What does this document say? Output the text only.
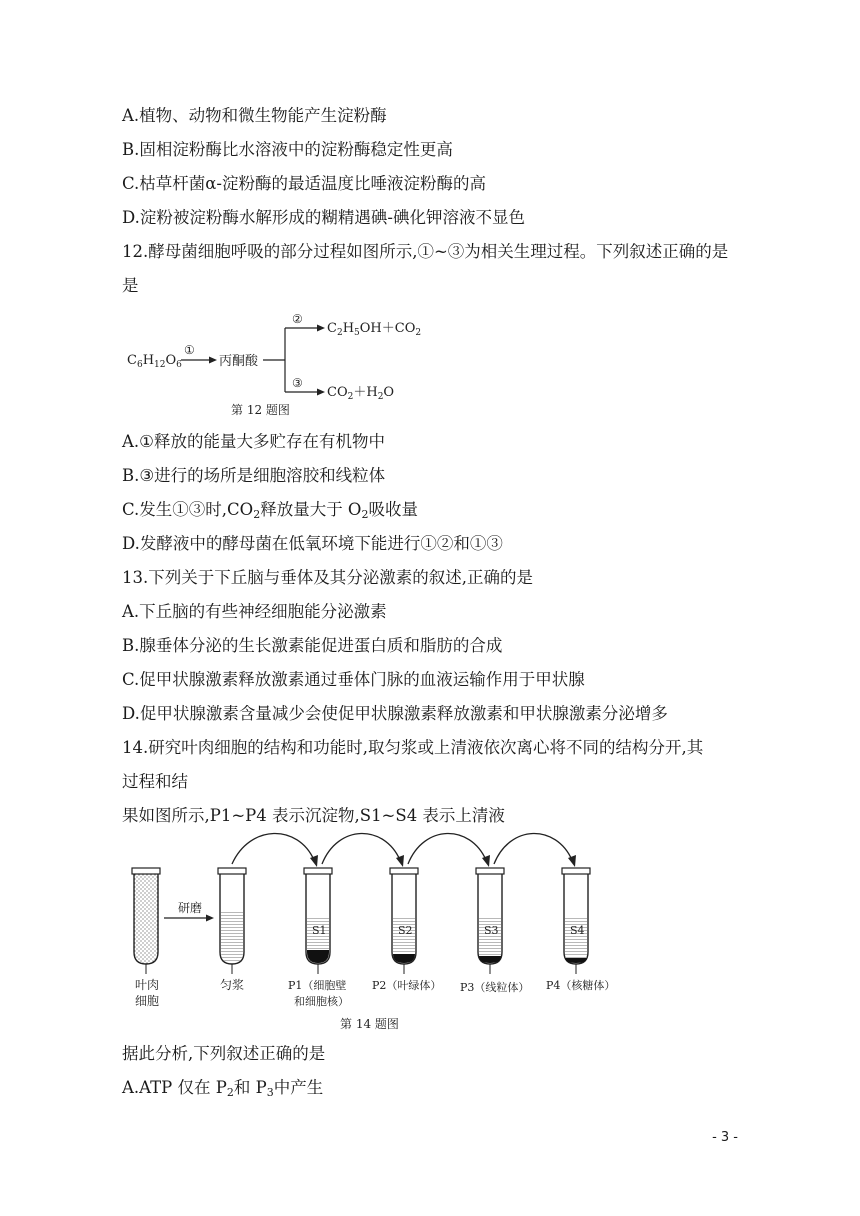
A.植物、动物和微生物能产生淀粉酶
B.固相淀粉酶比水溶液中的淀粉酶稳定性更高
C.枯草杆菌α-淀粉酶的最适温度比唾液淀粉酶的高
D.淀粉被淀粉酶水解形成的糊精遇碘-碘化钾溶液不显色
12.酵母菌细胞呼吸的部分过程如图所示,①~③为相关生理过程。下列叙述正确的是
是
$C_6H_{12}O_6$
①
丙酮酸
②
③
$C_2H_5OH+CO_2$
$CO_2+H_2O$
第 12 题图
A.①释放的能量大多贮存在有机物中
B.③进行的场所是细胞溶胶和线粒体
C.发生①③时$,CO_2$释放量大于 $O_2$吸收量
D.发酵液中的酵母菌在低氧环境下能进行①②和①③
13.下列关于下丘脑与垂体及其分泌激素的叙述,正确的是
A.下丘脑的有些神经细胞能分泌激素
B.腺垂体分泌的生长激素能促进蛋白质和脂肪的合成
C.促甲状腺激素释放激素通过垂体门脉的血液运输作用于甲状腺
D.促甲状腺激素含量减少会使促甲状腺激素释放激素和甲状腺激素分泌增多
14.研究叶肉细胞的结构和功能时,取匀浆或上清液依次离心将不同的结构分开,其
过程和结
果如图所示,P1~P4 表示沉淀物,S1~S4 表示上清液
研磨
S1	S2	S3	S4
叶肉
细胞
匀浆	P1（细胞壁
和细胞核）
P2（叶绿体） P3（线粒体） P4（核糖体）
第 14 题图
据此分析,下列叙述正确的是
A.ATP 仅在 $P_2$和 $P_3$中产生
- 3 -
